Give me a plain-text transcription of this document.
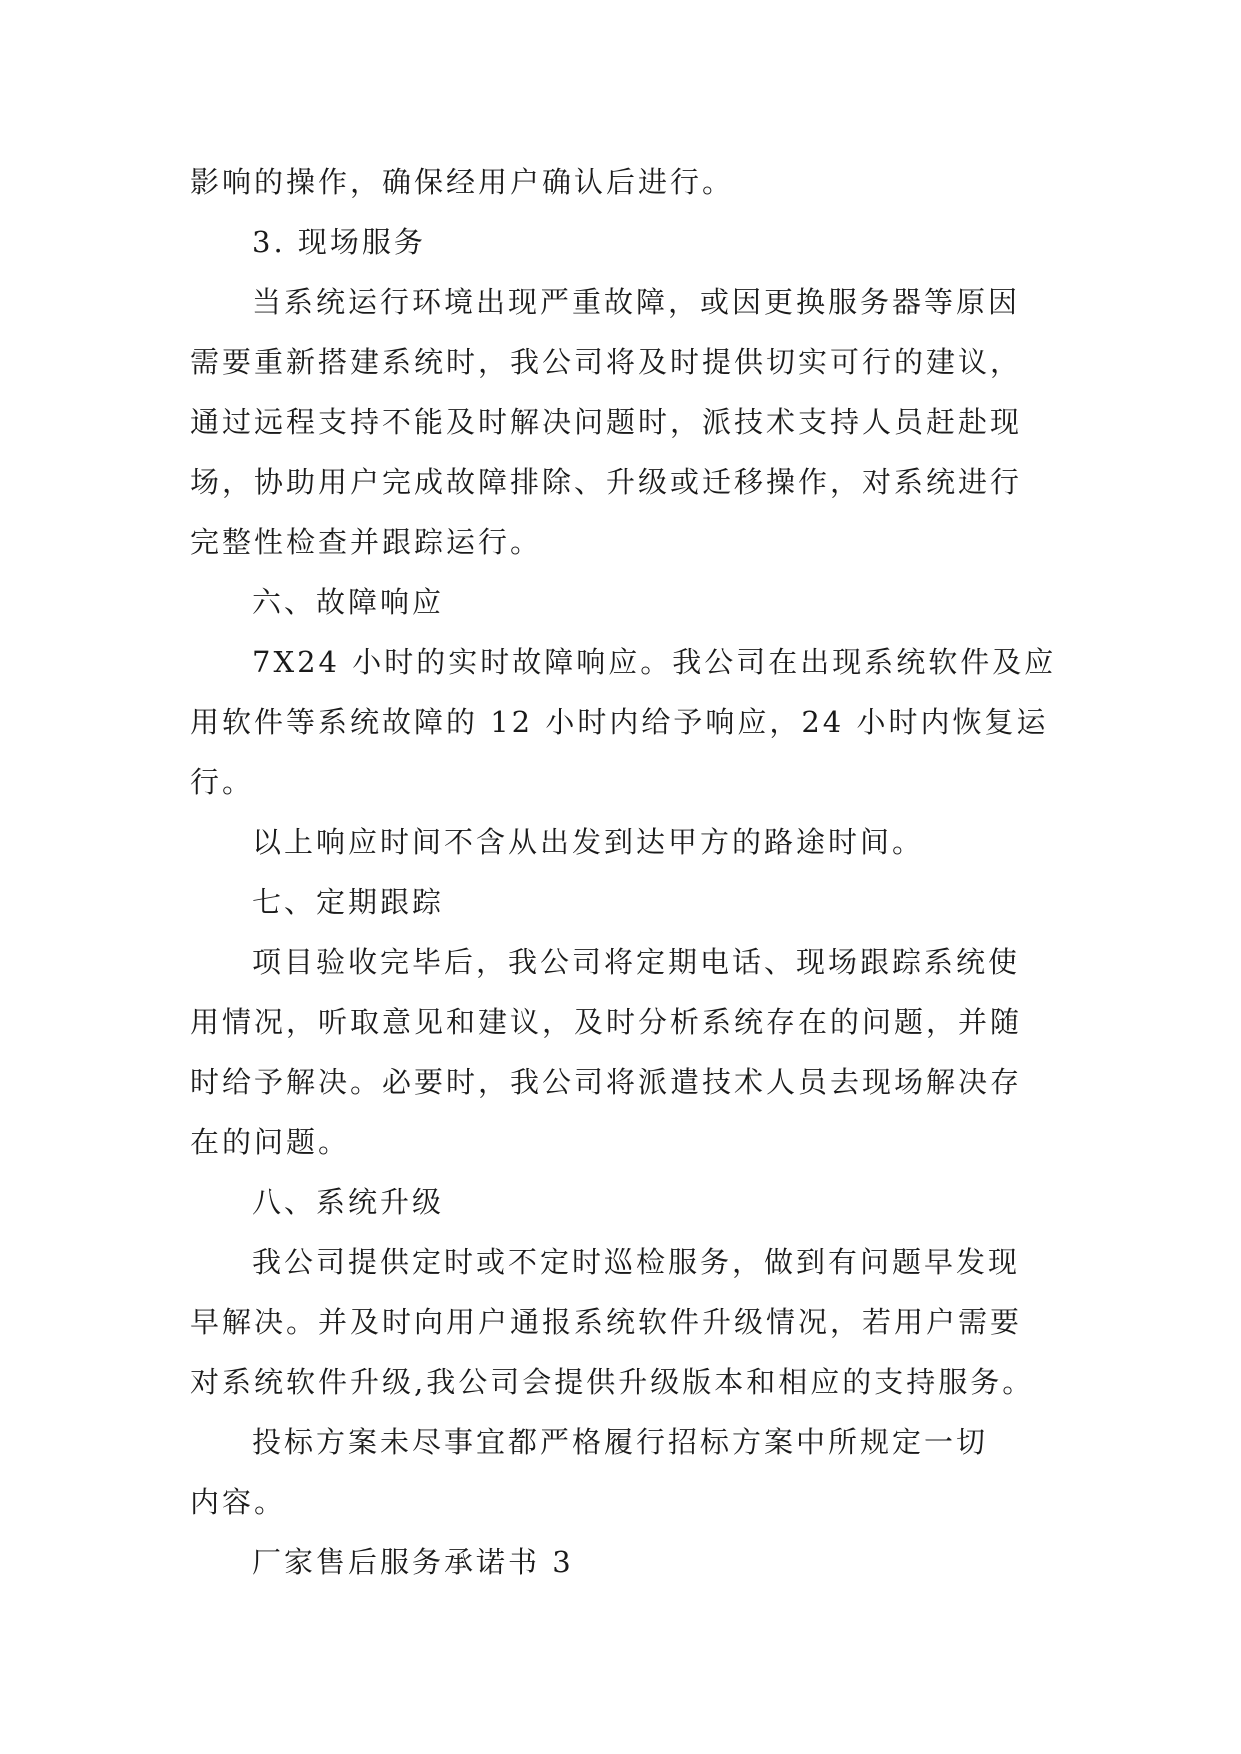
影响的操作，确保经用户确认后进行。
3. 现场服务
当系统运行环境出现严重故障，或因更换服务器等原因
需要重新搭建系统时，我公司将及时提供切实可行的建议，
通过远程支持不能及时解决问题时，派技术支持人员赶赴现
场，协助用户完成故障排除、升级或迁移操作，对系统进行
完整性检查并跟踪运行。
六、故障响应
7X24 小时的实时故障响应。我公司在出现系统软件及应
用软件等系统故障的 12 小时内给予响应，24 小时内恢复运
行。
以上响应时间不含从出发到达甲方的路途时间。
七、定期跟踪
项目验收完毕后，我公司将定期电话、现场跟踪系统使
用情况，听取意见和建议，及时分析系统存在的问题，并随
时给予解决。必要时，我公司将派遣技术人员去现场解决存
在的问题。
八、系统升级
我公司提供定时或不定时巡检服务，做到有问题早发现
早解决。并及时向用户通报系统软件升级情况，若用户需要
对系统软件升级,我公司会提供升级版本和相应的支持服务。
投标方案未尽事宜都严格履行招标方案中所规定一切
内容。
厂家售后服务承诺书 3
